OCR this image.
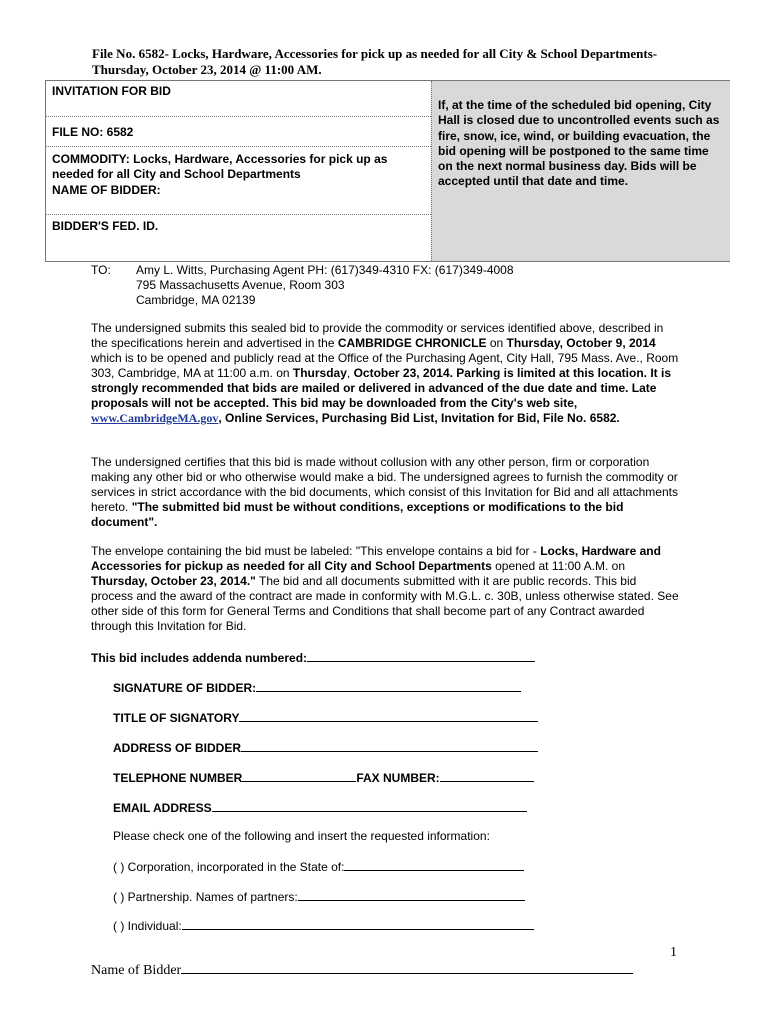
File No. 6582- Locks, Hardware, Accessories for pick up as needed for all City & School Departments-
Thursday, October 23, 2014 @ 11:00 AM.
INVITATION FOR BID
FILE NO: 6582
COMMODITY: Locks, Hardware, Accessories for pick up as needed for all City and School Departments
NAME OF BIDDER:
BIDDER'S FED. ID.
If, at the time of the scheduled bid opening, City Hall is closed due to uncontrolled events such as fire, snow, ice, wind, or building evacuation, the bid opening will be postponed to the same time on the next normal business day. Bids will be accepted until that date and time.
TO: Amy L. Witts, Purchasing Agent PH: (617)349-4310 FX: (617)349-4008
795 Massachusetts Avenue, Room 303
Cambridge, MA 02139
The undersigned submits this sealed bid to provide the commodity or services identified above, described in the specifications herein and advertised in the CAMBRIDGE CHRONICLE on Thursday, October 9, 2014 which is to be opened and publicly read at the Office of the Purchasing Agent, City Hall, 795 Mass. Ave., Room 303, Cambridge, MA at 11:00 a.m. on Thursday, October 23, 2014. Parking is limited at this location. It is strongly recommended that bids are mailed or delivered in advanced of the due date and time. Late proposals will not be accepted. This bid may be downloaded from the City's web site, www.CambridgeMA.gov, Online Services, Purchasing Bid List, Invitation for Bid, File No. 6582.
The undersigned certifies that this bid is made without collusion with any other person, firm or corporation making any other bid or who otherwise would make a bid. The undersigned agrees to furnish the commodity or services in strict accordance with the bid documents, which consist of this Invitation for Bid and all attachments hereto. "The submitted bid must be without conditions, exceptions or modifications to the bid document".
The envelope containing the bid must be labeled: "This envelope contains a bid for - Locks, Hardware and Accessories for pickup as needed for all City and School Departments opened at 11:00 A.M. on Thursday, October 23, 2014." The bid and all documents submitted with it are public records. This bid process and the award of the contract are made in conformity with M.G.L. c. 30B, unless otherwise stated. See other side of this form for General Terms and Conditions that shall become part of any Contract awarded through this Invitation for Bid.
This bid includes addenda numbered:
SIGNATURE OF BIDDER:
TITLE OF SIGNATORY
ADDRESS OF BIDDER
TELEPHONE NUMBER	FAX NUMBER:
EMAIL ADDRESS
Please check one of the following and insert the requested information:
( ) Corporation, incorporated in the State of:
( ) Partnership. Names of partners:
( ) Individual:
1
Name of Bidder
